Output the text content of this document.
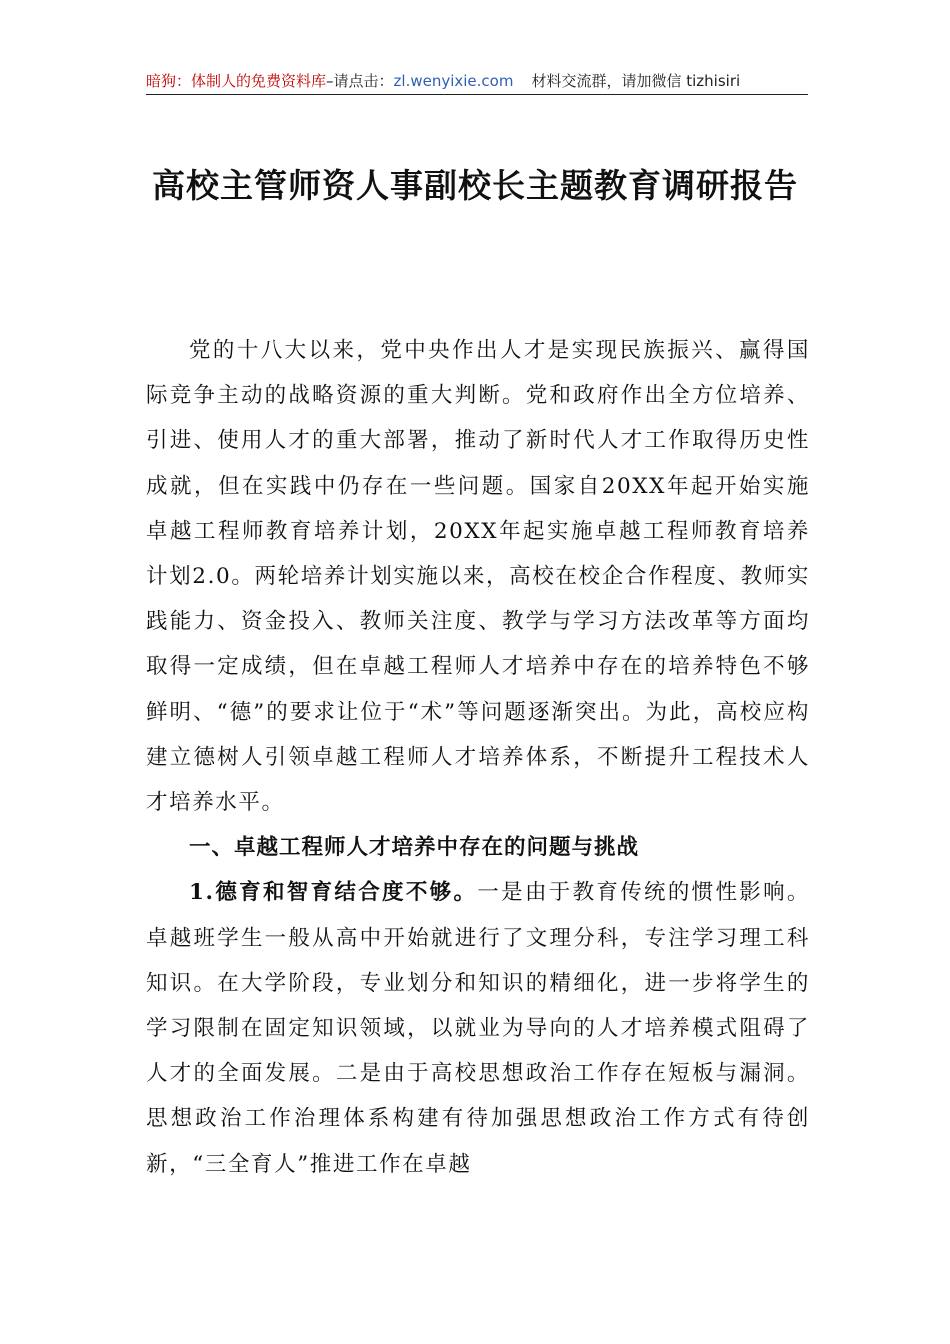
暗狗：体制人的免费资料库 –请点击： zl.wenyixie.com 材料交流群，请加微信 tizhisiri
高校主管师资人事副校长主题教育调研报告

党的十八大以来，党中央作出人才是实现民族振兴、赢得国际竞争主动的战略资源的重大判断。党和政府作出全方位培养、引进、使用人才的重大部署，推动了新时代人才工作取得历史性成就，但在实践中仍存在一些问题。国家自20XX年起开始实施卓越工程师教育培养计划，20XX年起实施卓越工程师教育培养计划2.0。两轮培养计划实施以来，高校在校企合作程度、教师实践能力、资金投入、教师关注度、教学与学习方法改革等方面均取得一定成绩，但在卓越工程师人才培养中存在的培养特色不够鲜明、“德”的要求让位于“术”等问题逐渐突出。为此，高校应构建立德树人引领卓越工程师人才培养体系，不断提升工程技术人才培养水平。

一、卓越工程师人才培养中存在的问题与挑战

1.德育和智育结合度不够。一是由于教育传统的惯性影响。卓越班学生一般从高中开始就进行了文理分科，专注学习理工科知识。在大学阶段，专业划分和知识的精细化，进一步将学生的学习限制在固定知识领域，以就业为导向的人才培养模式阻碍了人才的全面发展。二是由于高校思想政治工作存在短板与漏洞。思想政治工作治理体系构建有待加强思想政治工作方式有待创新，“三全育人”推进工作在卓越
